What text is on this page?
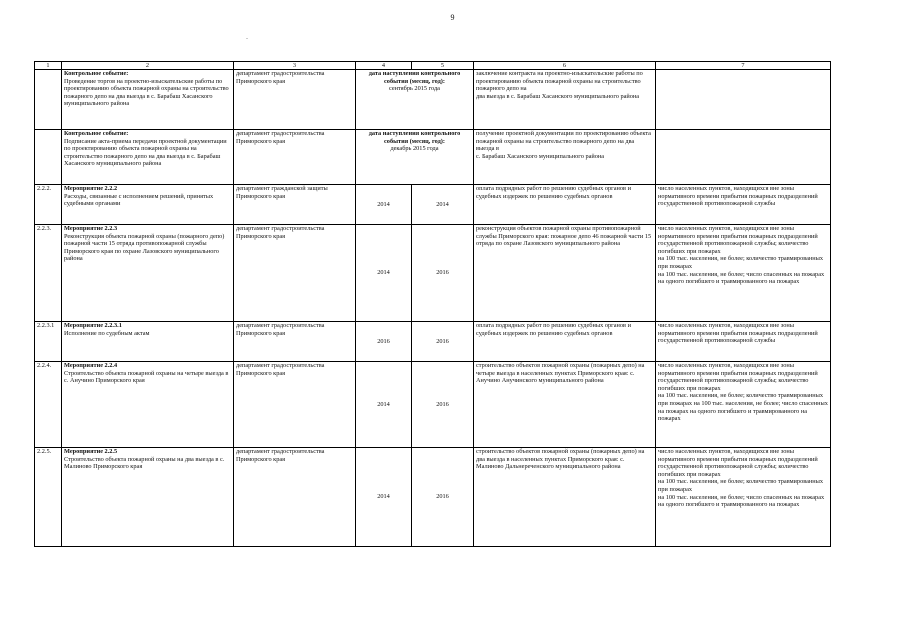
9
-
1	2	3	4	5	6	7
	Контрольное событие:
Проведение торгов на проектно-изыскательские работы по проектированию объекта пожарной охраны на строительство пожарного депо на два выезда в с. Барабаш Хасанского муниципального района	департамент градостроительства Приморского края	дата наступления контрольного события (месяц, год):
сентябрь 2015 года		заключение контракта на проектно-изыскательские работы по проектированию объекта пожарной охраны на строительство пожарного депо на
два выезда в с. Барабаш Хасанского муниципального района	
	Контрольное событие:
Подписание акта-приема передачи проектной документации по проектированию объекта пожарной охраны на строительство пожарного депо на два выезда в с. Барабаш Хасанского муниципального района	департамент градостроительства Приморского края	дата наступления контрольного события (месяц, год):
декабрь 2015 года		получение проектной документации по проектированию объекта пожарной охраны на строительство пожарного депо на два выезда в
с. Барабаш Хасанского муниципального района	
2.2.2.	Мероприятие 2.2.2
Расходы, связанные с исполнением решений, принятых судебными органами	департамент гражданской защиты Приморского края	2014	2014	оплата подрядных работ по решению судебных органов и судебных издержек по решению судебных органов	число населенных пунктов, находящихся вне зоны нормативного времени прибытия пожарных подразделений государственной противопожарной службы
2.2.3.	Мероприятие 2.2.3
Реконструкция объекта пожарной охраны (пожарного депо) пожарной части 15 отряда противопожарной службы Приморского края по охране Лазовского муниципального района	департамент градостроительства Приморского края	2014	2016	реконструкция объектов пожарной охраны противопожарной службы Приморского края: пожарное депо 46 пожарной части 15 отряда по охране Лазовского муниципального района	число населенных пунктов, находящихся вне зоны нормативного времени прибытия пожарных подразделений государственной противопожарной службы; количество погибших при пожарах
на 100 тыс. населения, не более; количество травмированных при пожарах
на 100 тыс. населения, не более; число спасенных на пожарах на одного погибшего и травмированного на пожарах
2.2.3.1	Мероприятие 2.2.3.1
Исполнение по судебным актам	департамент градостроительства Приморского края	2016	2016	оплата подрядных работ по решению судебных органов и судебных издержек по решению судебных органов	число населенных пунктов, находящихся вне зоны нормативного времени прибытия пожарных подразделений государственной противопожарной службы
2.2.4.	Мероприятие 2.2.4
Строительство объекта пожарной охраны на четыре выезда в с. Анучино Приморского края	департамент градостроительства Приморского края	2014	2016	строительство объектов пожарной охраны (пожарных депо) на четыре выезда в населенных пунктах Приморского края: с. Анучино Анучинского муниципального района	число населенных пунктов, находящихся вне зоны нормативного времени прибытия пожарных подразделений государственной противопожарной службы; количество погибших при пожарах
на 100 тыс. населения, не более; количество травмированных при пожарах на 100 тыс. населения, не более; число спасенных на пожарах на одного погибшего и травмированного на пожарах
2.2.5.	Мероприятие 2.2.5
Строительство объекта пожарной охраны на два выезда в с. Малиново Приморского края	департамент градостроительства Приморского края	2014	2016	строительство объектов пожарной охраны (пожарных депо) на два выезда в населенных пунктах Приморского края: с. Малиново Дальнереченского муниципального района	число населенных пунктов, находящихся вне зоны нормативного времени прибытия пожарных подразделений государственной противопожарной службы; количество погибших при пожарах
на 100 тыс. населения, не более; количество травмированных при пожарах
на 100 тыс. населения, не более; число спасенных на пожарах на одного погибшего и травмированного на пожарах
